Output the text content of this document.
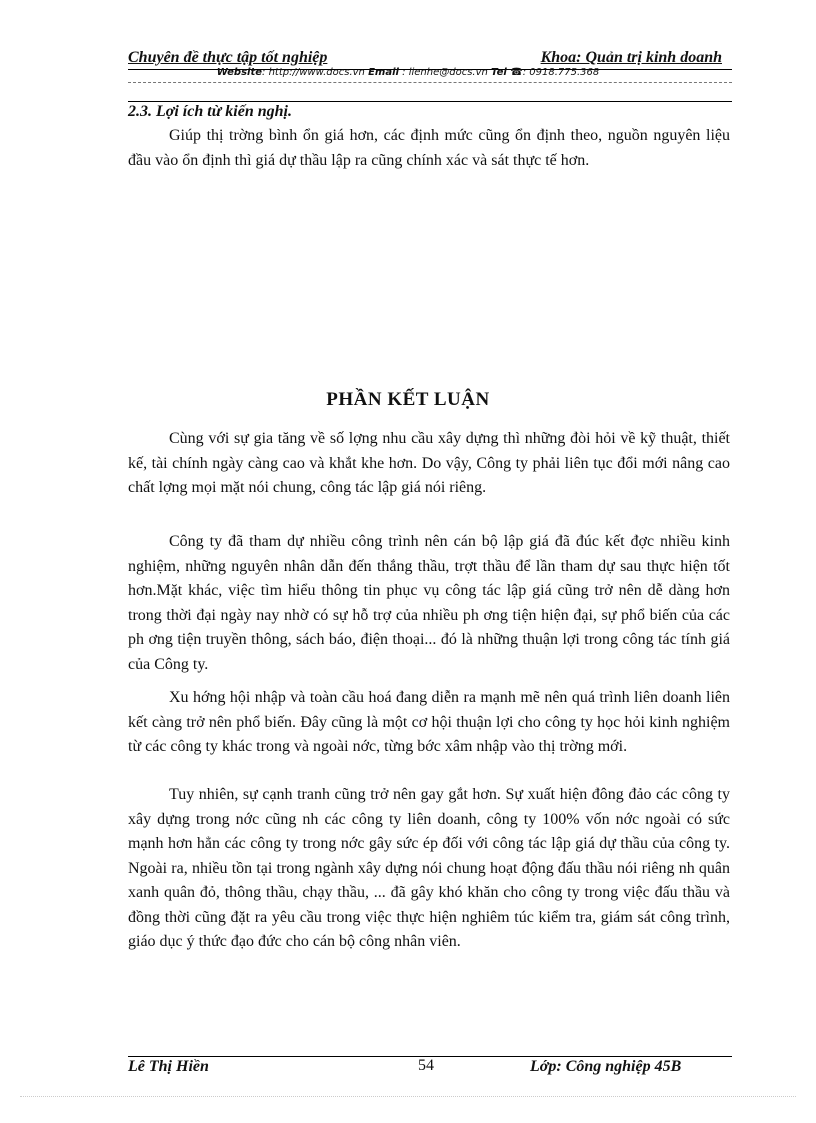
Chuyên đề thực tập tốt nghiệp	Khoa: Quản trị kinh doanh
Website: http://www.docs.vn Email : lienhe@docs.vn Tel ☎: 0918.775.368
2.3. Lợi ích từ kiến nghị.

Giúp thị trờng bình ổn giá hơn, các định mức cũng ổn định theo, nguồn nguyên liệu đầu vào ổn định thì giá dự thầu lập ra cũng chính xác và sát thực tế hơn.

PHẦN KẾT LUẬN

Cùng với sự gia tăng về số lợng nhu cầu xây dựng thì những đòi hỏi về kỹ thuật, thiết kế, tài chính ngày càng cao và khắt khe hơn. Do vậy, Công ty phải liên tục đổi mới nâng cao chất lợng mọi mặt nói chung, công tác lập giá nói riêng.

Công ty đã tham dự nhiều công trình nên cán bộ lập giá đã đúc kết đợc nhiều kinh nghiệm, những nguyên nhân dẫn đến thắng thầu, trợt thầu để lần tham dự sau thực hiện tốt hơn.Mặt khác, việc tìm hiểu thông tin phục vụ công tác lập giá cũng trở nên dễ dàng hơn trong thời đại ngày nay nhờ có sự hỗ trợ của nhiều ph ơng tiện hiện đại, sự phổ biến của các ph ơng tiện truyền thông, sách báo, điện thoại... đó là những thuận lợi trong công tác tính giá của Công ty.

Xu hớng hội nhập và toàn cầu hoá đang diễn ra mạnh mẽ nên quá trình liên doanh liên kết càng trở nên phổ biến. Đây cũng là một cơ hội thuận lợi cho công ty học hỏi kinh nghiệm từ các công ty khác trong và ngoài nớc, từng bớc xâm nhập vào thị trờng mới.

Tuy nhiên, sự cạnh tranh cũng trở nên gay gắt hơn. Sự xuất hiện đông đảo các công ty xây dựng trong nớc cũng nh các công ty liên doanh, công ty 100% vốn nớc ngoài có sức mạnh hơn hẳn các công ty trong nớc gây sức ép đối với công tác lập giá dự thầu của công ty. Ngoài ra, nhiều tồn tại trong ngành xây dựng nói chung hoạt động đấu thầu nói riêng nh quân xanh quân đỏ, thông thầu, chạy thầu, ... đã gây khó khăn cho công ty trong việc đấu thầu và đồng thời cũng đặt ra yêu cầu trong việc thực hiện nghiêm túc kiểm tra, giám sát công trình, giáo dục ý thức đạo đức cho cán bộ công nhân viên.

Lê Thị Hiền	54	Lớp: Công nghiệp 45B
